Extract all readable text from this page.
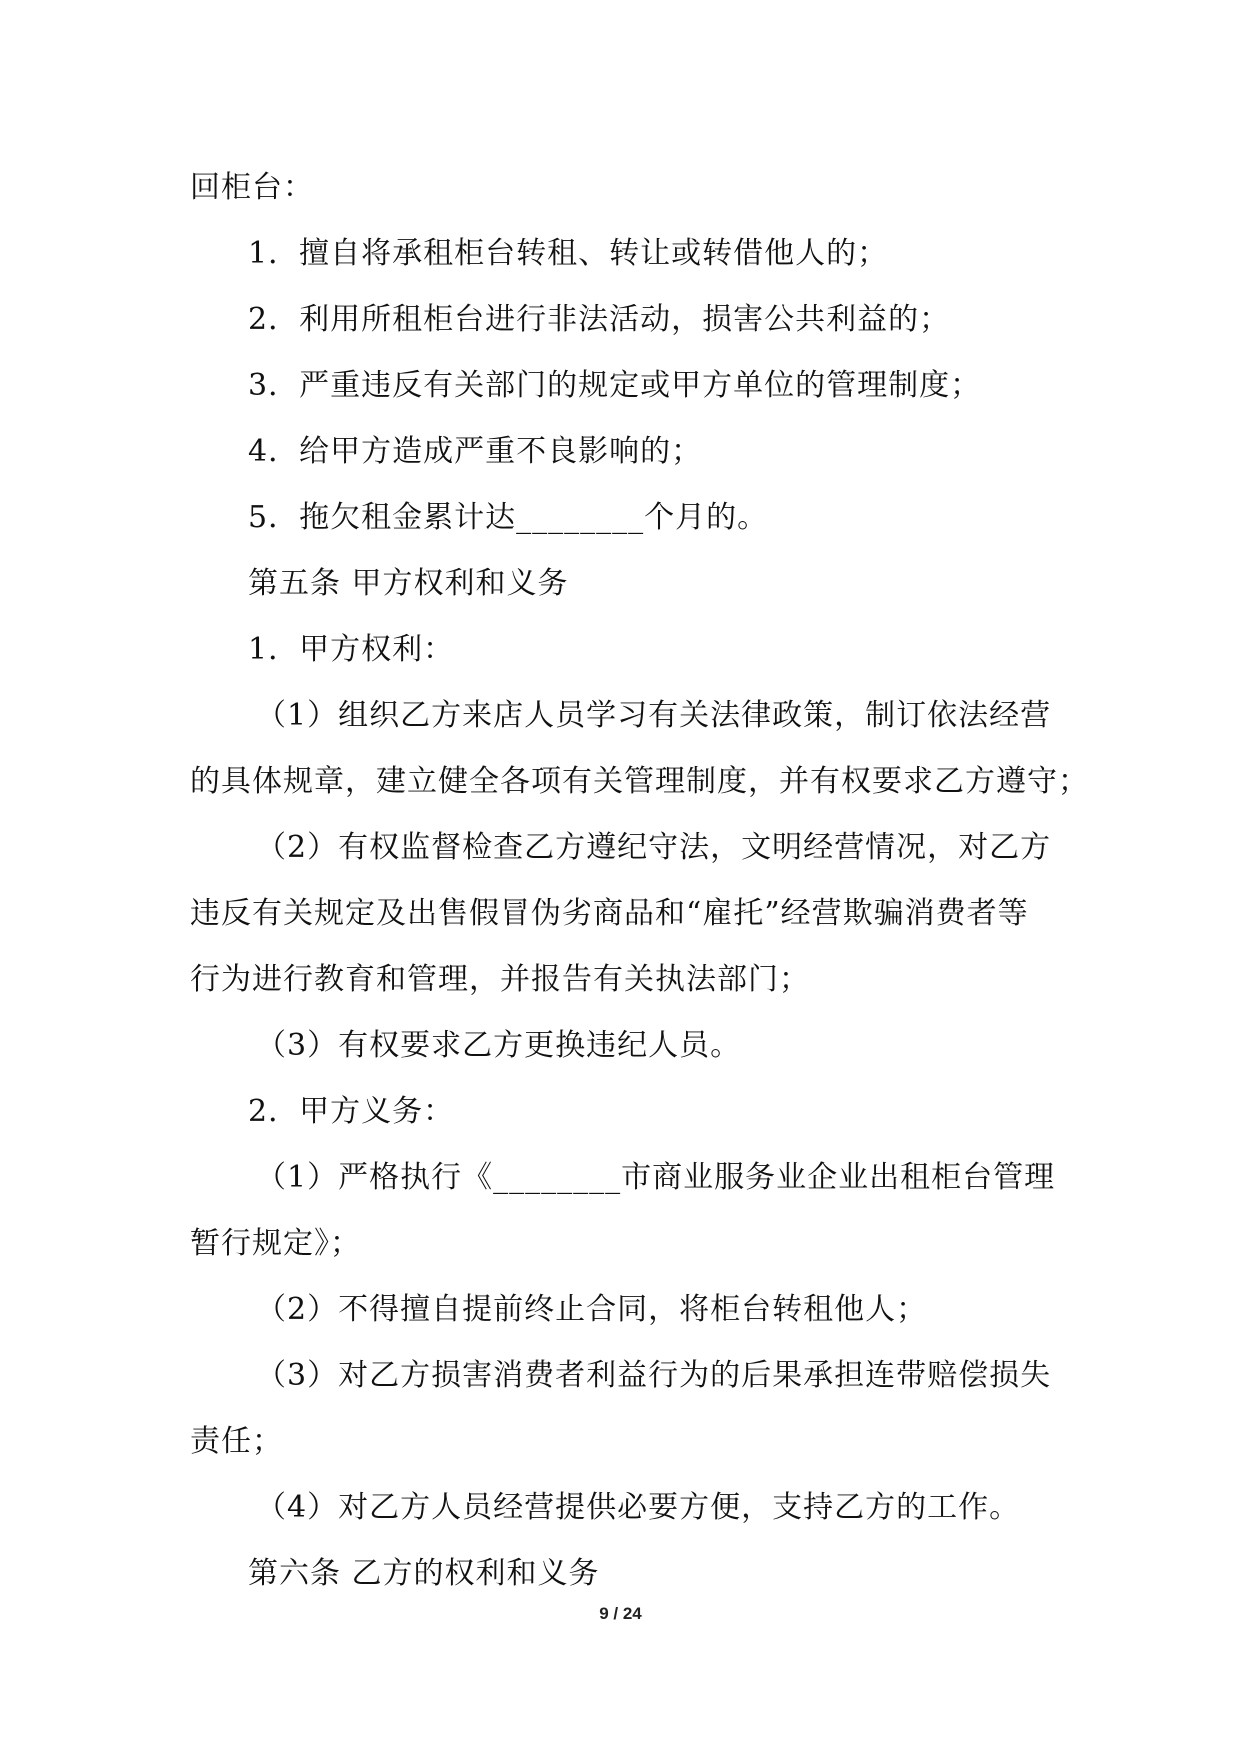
回柜台：
1．擅自将承租柜台转租、转让或转借他人的；
2．利用所租柜台进行非法活动，损害公共利益的；
3．严重违反有关部门的规定或甲方单位的管理制度；
4．给甲方造成严重不良影响的；
5．拖欠租金累计达________个月的。
第五条 甲方权利和义务
1．甲方权利：
（1）组织乙方来店人员学习有关法律政策，制订依法经营
的具体规章，建立健全各项有关管理制度，并有权要求乙方遵守；
（2）有权监督检查乙方遵纪守法，文明经营情况，对乙方
违反有关规定及出售假冒伪劣商品和“雇托”经营欺骗消费者等
行为进行教育和管理，并报告有关执法部门；
（3）有权要求乙方更换违纪人员。
2．甲方义务：
（1）严格执行《________市商业服务业企业出租柜台管理
暂行规定》；
（2）不得擅自提前终止合同，将柜台转租他人；
（3）对乙方损害消费者利益行为的后果承担连带赔偿损失
责任；
（4）对乙方人员经营提供必要方便，支持乙方的工作。
第六条 乙方的权利和义务
9 / 24
